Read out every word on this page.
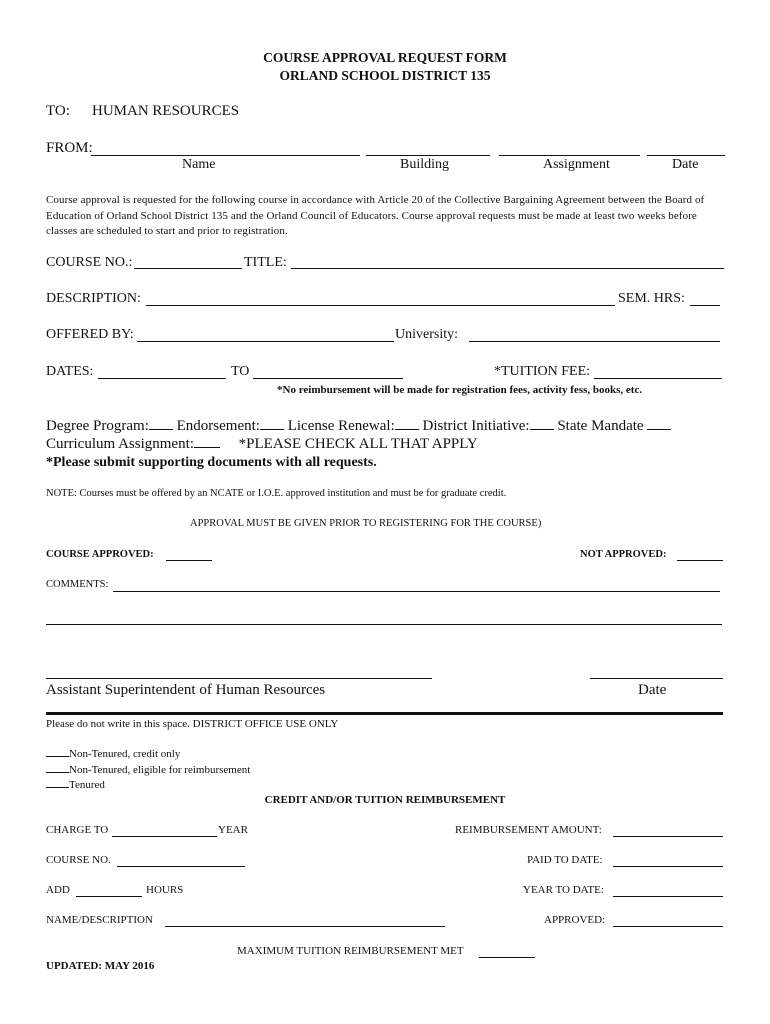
COURSE APPROVAL REQUEST FORM
ORLAND SCHOOL DISTRICT 135
TO: HUMAN RESOURCES
FROM:
Name	Building	Assignment	Date
Course approval is requested for the following course in accordance with Article 20 of the Collective Bargaining Agreement between the Board of Education of Orland School District 135 and the Orland Council of Educators. Course approval requests must be made at least two weeks before classes are scheduled to start and prior to registration.
COURSE NO.:	TITLE:
DESCRIPTION:	SEM. HRS:
OFFERED BY:	University:
DATES:	TO	*TUITION FEE:
*No reimbursement will be made for registration fees, activity fess, books, etc.
Degree Program: Endorsement: License Renewal: District Initiative: State Mandate
Curriculum Assignment:	*PLEASE CHECK ALL THAT APPLY
*Please submit supporting documents with all requests.
NOTE: Courses must be offered by an NCATE or I.O.E. approved institution and must be for graduate credit.
APPROVAL MUST BE GIVEN PRIOR TO REGISTERING FOR THE COURSE)
COURSE APPROVED:	NOT APPROVED:
COMMENTS:
Assistant Superintendent of Human Resources	Date
Please do not write in this space. DISTRICT OFFICE USE ONLY
Non-Tenured, credit only
Non-Tenured, eligible for reimbursement
Tenured
CREDIT AND/OR TUITION REIMBURSEMENT
CHARGE TO	YEAR	REIMBURSEMENT AMOUNT:
COURSE NO.	PAID TO DATE:
ADD	HOURS	YEAR TO DATE:
NAME/DESCRIPTION	APPROVED:
MAXIMUM TUITION REIMBURSEMENT MET
UPDATED: MAY 2016
